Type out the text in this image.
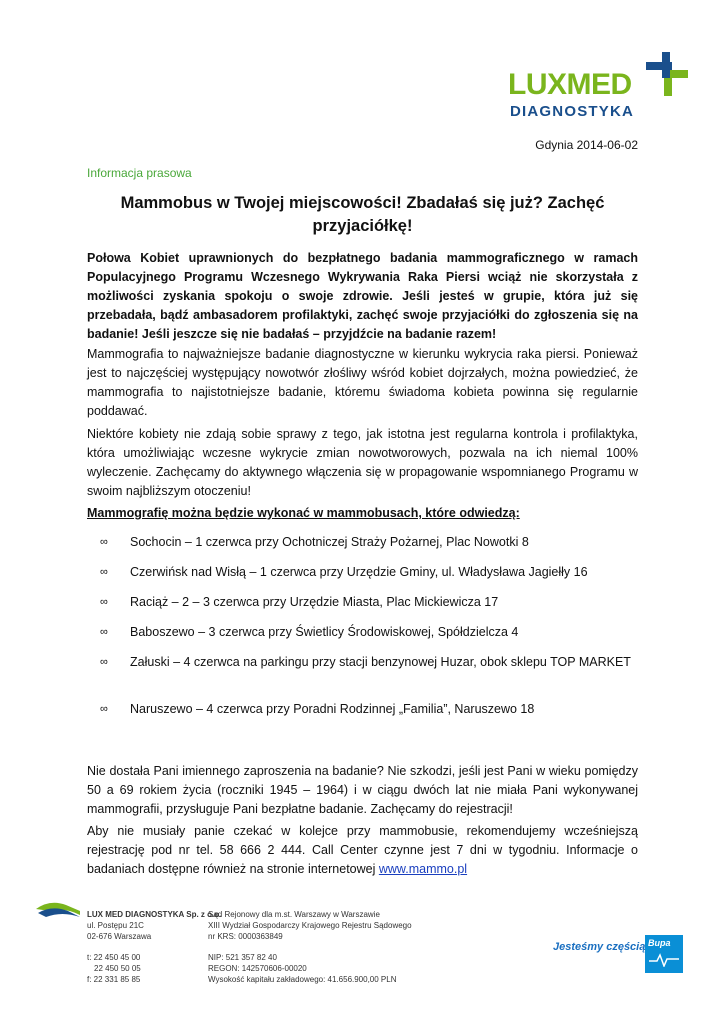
LUXMED
DIAGNOSTYKA
Gdynia 2014-06-02
Informacja prasowa
Mammobus w Twojej miejscowości! Zbadałaś się już? Zachęć przyjaciółkę!
Połowa Kobiet uprawnionych do bezpłatnego badania mammograficznego w ramach Populacyjnego Programu Wczesnego Wykrywania Raka Piersi wciąż nie skorzystała z możliwości zyskania spokoju o swoje zdrowie. Jeśli jesteś w grupie, która już się przebadała, bądź ambasadorem profilaktyki, zachęć swoje przyjaciółki do zgłoszenia się na badanie! Jeśli jeszcze się nie badałaś – przyjdźcie na badanie razem!
Mammografia to najważniejsze badanie diagnostyczne w kierunku wykrycia raka piersi. Ponieważ jest to najczęściej występujący nowotwór złośliwy wśród kobiet dojrzałych, można powiedzieć, że mammografia to najistotniejsze badanie, któremu świadoma kobieta powinna się regularnie poddawać.
Niektóre kobiety nie zdają sobie sprawy z tego, jak istotna jest regularna kontrola i profilaktyka, która umożliwiając wczesne wykrycie zmian nowotworowych, pozwala na ich niemal 100% wyleczenie. Zachęcamy do aktywnego włączenia się w propagowanie wspomnianego Programu w swoim najbliższym otoczeniu!
Mammografię można będzie wykonać w mammobusach, które odwiedzą:
∞ Sochocin – 1 czerwca przy Ochotniczej Straży Pożarnej, Plac Nowotki 8
∞ Czerwińsk nad Wisłą – 1 czerwca przy Urzędzie Gminy, ul. Władysława Jagiełły 16
∞ Raciąż – 2 – 3 czerwca przy Urzędzie Miasta, Plac Mickiewicza 17
∞ Baboszewo – 3 czerwca przy Świetlicy Środowiskowej, Spółdzielcza 4
∞ Załuski – 4 czerwca na parkingu przy stacji benzynowej Huzar, obok sklepu TOP MARKET
∞ Naruszewo – 4 czerwca przy Poradni Rodzinnej „Familia”, Naruszewo 18
Nie dostała Pani imiennego zaproszenia na badanie? Nie szkodzi, jeśli jest Pani w wieku pomiędzy 50 a 69 rokiem życia (roczniki 1945 – 1964) i w ciągu dwóch lat nie miała Pani wykonywanej mammografii, przysługuje Pani bezpłatne badanie. Zachęcamy do rejestracji!
Aby nie musiały panie czekać w kolejce przy mammobusie, rekomendujemy wcześniejszą rejestrację pod nr tel. 58 666 2 444. Call Center czynne jest 7 dni w tygodniu. Informacje o badaniach dostępne również na stronie internetowej www.mammo.pl
LUX MED DIAGNOSTYKA Sp. z o.o.
ul. Postępu 21C
02-676 Warszawa
t: 22 450 45 00
22 450 50 05
f: 22 331 85 85
Sąd Rejonowy dla m.st. Warszawy w Warszawie
XIII Wydział Gospodarczy Krajowego Rejestru Sądowego
nr KRS: 0000363849
NIP: 521 357 82 40
REGON: 142570606-00020
Wysokość kapitału zakładowego: 41.656.900,00 PLN
Jesteśmy częścią Bupa
